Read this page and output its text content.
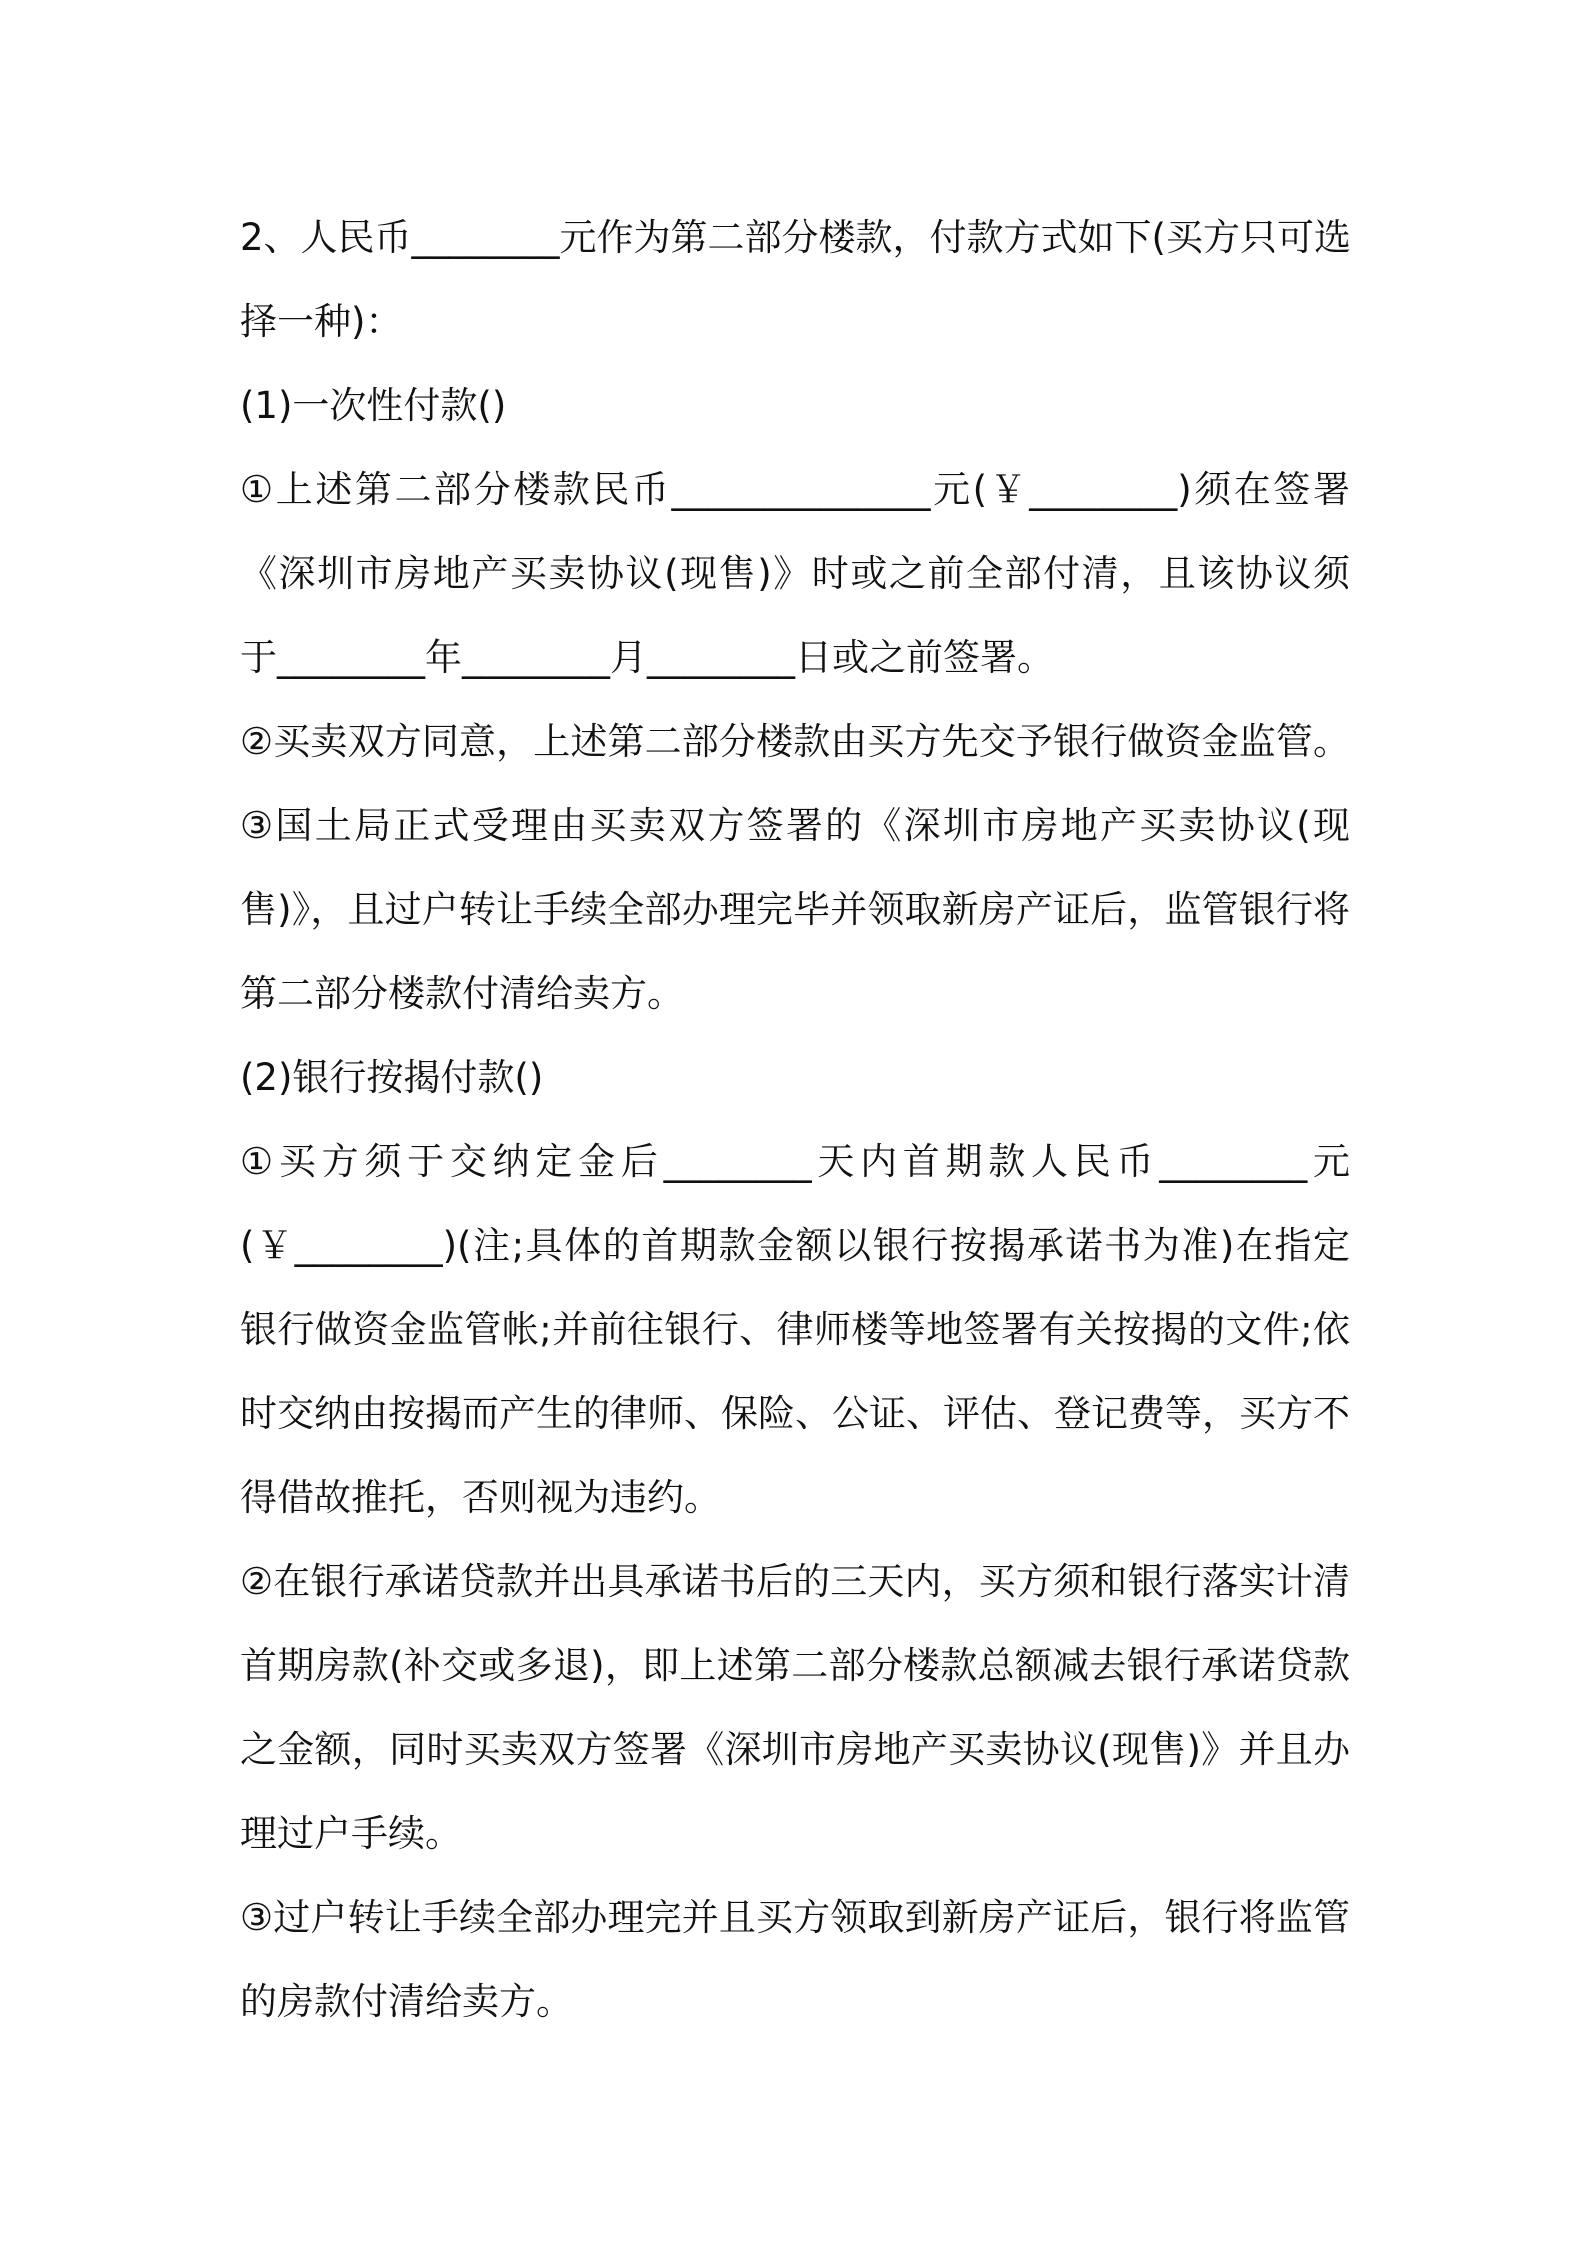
2、人民币________元作为第二部分楼款，付款方式如下(买方只可选
择一种)：
(1)一次性付款()
①上述第二部分楼款民币______________元(￥________)须在签署
《深圳市房地产买卖协议(现售)》时或之前全部付清，且该协议须
于________年________月________日或之前签署。
②买卖双方同意，上述第二部分楼款由买方先交予银行做资金监管。
③国土局正式受理由买卖双方签署的《深圳市房地产买卖协议(现
售)》，且过户转让手续全部办理完毕并领取新房产证后，监管银行将
第二部分楼款付清给卖方。
(2)银行按揭付款()
①买方须于交纳定金后________天内首期款人民币________元
(￥________)(注;具体的首期款金额以银行按揭承诺书为准)在指定
银行做资金监管帐;并前往银行、律师楼等地签署有关按揭的文件;依
时交纳由按揭而产生的律师、保险、公证、评估、登记费等，买方不
得借故推托，否则视为违约。
②在银行承诺贷款并出具承诺书后的三天内，买方须和银行落实计清
首期房款(补交或多退)，即上述第二部分楼款总额减去银行承诺贷款
之金额，同时买卖双方签署《深圳市房地产买卖协议(现售)》并且办
理过户手续。
③过户转让手续全部办理完并且买方领取到新房产证后，银行将监管
的房款付清给卖方。
